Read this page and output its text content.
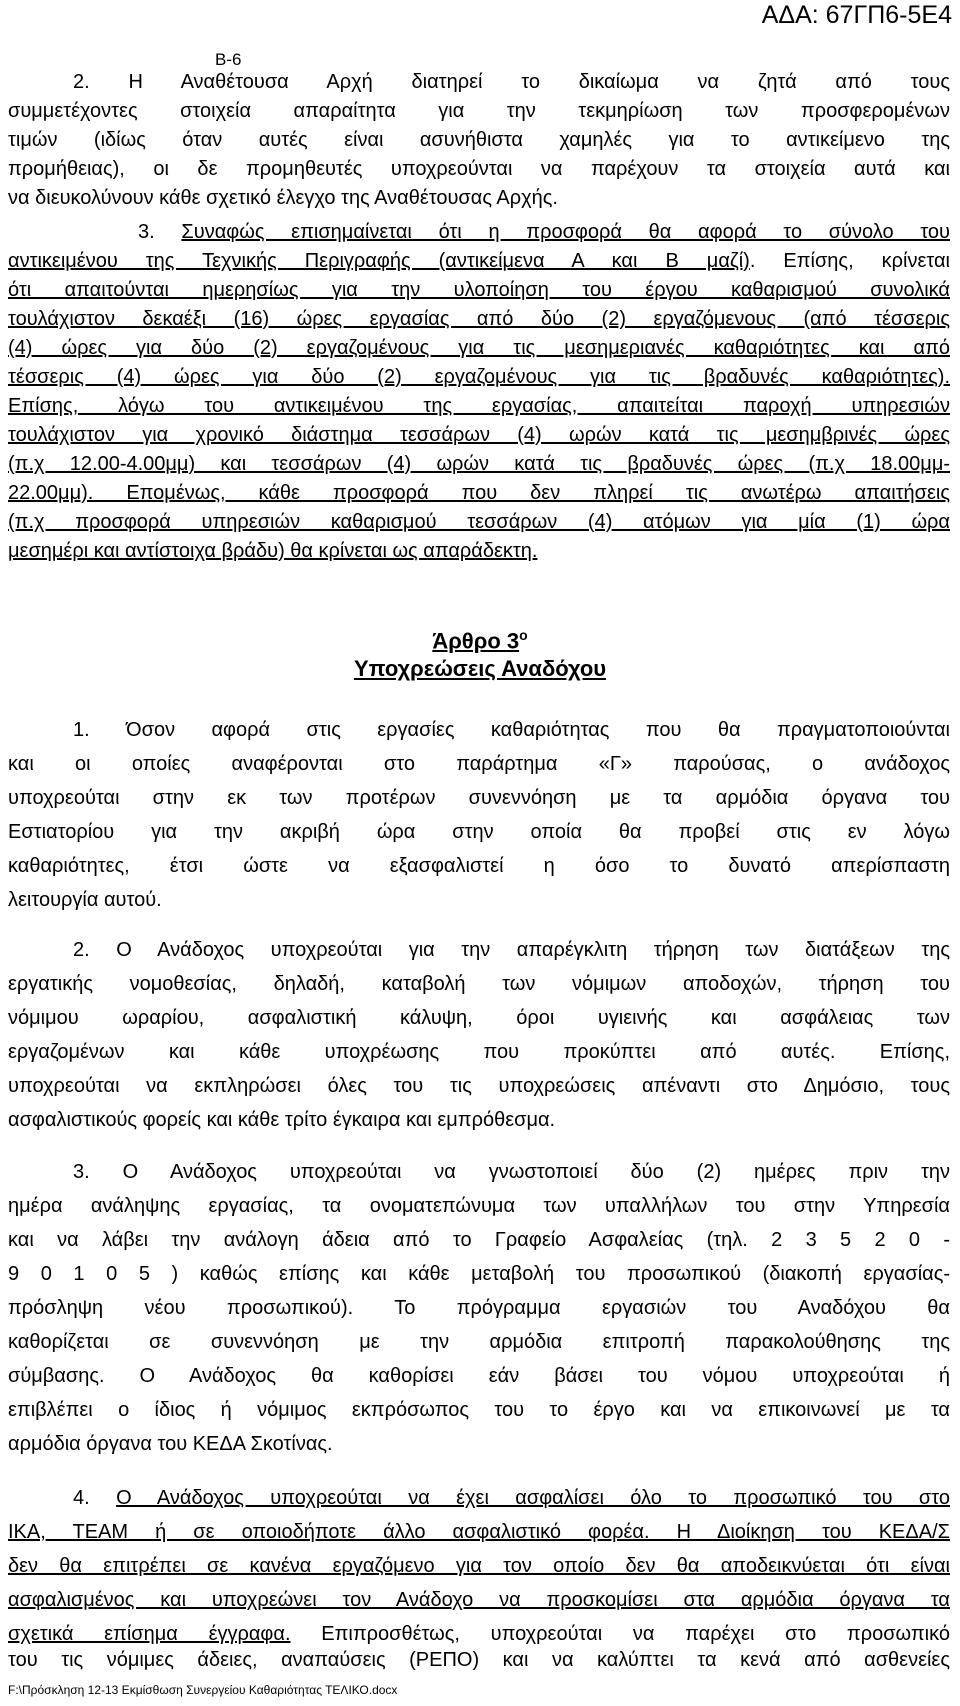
ΑΔΑ: 67ΓΠ6-5Ε4
Β-6
2. Η Αναθέτουσα Αρχή διατηρεί το δικαίωμα να ζητά από τους
συμμετέχοντες στοιχεία απαραίτητα για την τεκμηρίωση των προσφερομένων
τιμών (ιδίως όταν αυτές είναι ασυνήθιστα χαμηλές για το αντικείμενο της
προμήθειας), οι δε προμηθευτές υποχρεούνται να παρέχουν τα στοιχεία αυτά και
να διευκολύνουν κάθε σχετικό έλεγχο της Αναθέτουσας Αρχής.
3. Συναφώς επισημαίνεται ότι η προσφορά θα αφορά το σύνολο του
αντικειμένου της Τεχνικής Περιγραφής (αντικείμενα Α και Β μαζί). Επίσης, κρίνεται
ότι απαιτούνται ημερησίως για την υλοποίηση του έργου καθαρισμού συνολικά
τουλάχιστον δεκαέξι (16) ώρες εργασίας από δύο (2) εργαζόμενους (από τέσσερις
(4) ώρες για δύο (2) εργαζομένους για τις μεσημεριανές καθαριότητες και από
τέσσερις (4) ώρες για δύο (2) εργαζομένους για τις βραδυνές καθαριότητες).
Επίσης, λόγω του αντικειμένου της εργασίας, απαιτείται παροχή υπηρεσιών
τουλάχιστον για χρονικό διάστημα τεσσάρων (4) ωρών κατά τις μεσημβρινές ώρες
(π.χ 12.00-4.00μμ) και τεσσάρων (4) ωρών κατά τις βραδυνές ώρες (π.χ 18.00μμ-
22.00μμ). Επομένως, κάθε προσφορά που δεν πληρεί τις ανωτέρω απαιτήσεις
(π.χ προσφορά υπηρεσιών καθαρισμού τεσσάρων (4) ατόμων για μία (1) ώρα
μεσημέρι και αντίστοιχα βράδυ) θα κρίνεται ως απαράδεκτη.
Άρθρο $3^o$
Υποχρεώσεις Αναδόχου
1. Όσον αφορά στις εργασίες καθαριότητας που θα πραγματοποιούνται
και οι οποίες αναφέρονται στο παράρτημα «Γ» παρούσας, ο ανάδοχος
υποχρεούται στην εκ των προτέρων συνεννόηση με τα αρμόδια όργανα του
Εστιατορίου για την ακριβή ώρα στην οποία θα προβεί στις εν λόγω
καθαριότητες, έτσι ώστε να εξασφαλιστεί η όσο το δυνατό απερίσπαστη
λειτουργία αυτού.
2. Ο Ανάδοχος υποχρεούται για την απαρέγκλιτη τήρηση των διατάξεων της
εργατικής νομοθεσίας, δηλαδή, καταβολή των νόμιμων αποδοχών, τήρηση του
νόμιμου ωραρίου, ασφαλιστική κάλυψη, όροι υγιεινής και ασφάλειας των
εργαζομένων και κάθε υποχρέωσης που προκύπτει από αυτές. Επίσης,
υποχρεούται να εκπληρώσει όλες του τις υποχρεώσεις απέναντι στο Δημόσιο, τους
ασφαλιστικούς φορείς και κάθε τρίτο έγκαιρα και εμπρόθεσμα.
3. Ο Ανάδοχος υποχρεούται να γνωστοποιεί δύο (2) ημέρες πριν την
ημέρα ανάληψης εργασίας, τα ονοματεπώνυμα των υπαλλήλων του στην Υπηρεσία
και να λάβει την ανάλογη άδεια από το Γραφείο Ασφαλείας (τηλ. 2 3 5 2 0 -
9 0 1 0 5 ) καθώς επίσης και κάθε μεταβολή του προσωπικού (διακοπή εργασίας-
πρόσληψη νέου προσωπικού). Το πρόγραμμα εργασιών του Αναδόχου θα
καθορίζεται σε συνεννόηση με την αρμόδια επιτροπή παρακολούθησης της
σύμβασης. Ο Ανάδοχος θα καθορίσει εάν βάσει του νόμου υποχρεούται ή
επιβλέπει ο ίδιος ή νόμιμος εκπρόσωπος του το έργο και να επικοινωνεί με τα
αρμόδια όργανα του ΚΕΔΑ Σκοτίνας.
4. Ο Ανάδοχος υποχρεούται να έχει ασφαλίσει όλο το προσωπικό του στο
ΙΚΑ, ΤΕΑΜ ή σε οποιοδήποτε άλλο ασφαλιστικό φορέα. Η Διοίκηση του ΚΕΔΑ/Σ
δεν θα επιτρέπει σε κανένα εργαζόμενο για τον οποίο δεν θα αποδεικνύεται ότι είναι
ασφαλισμένος και υποχρεώνει τον Ανάδοχο να προσκομίσει στα αρμόδια όργανα τα
σχετικά επίσημα έγγραφα. Επιπροσθέτως, υποχρεούται να παρέχει στο προσωπικό
του τις νόμιμες άδειες, αναπαύσεις (ΡΕΠΟ) και να καλύπτει τα κενά από ασθενείες
F:\Πρόσκληση 12-13 Εκμίσθωση Συνεργείου Καθαριότητας ΤΕΛΙΚΟ.docx
